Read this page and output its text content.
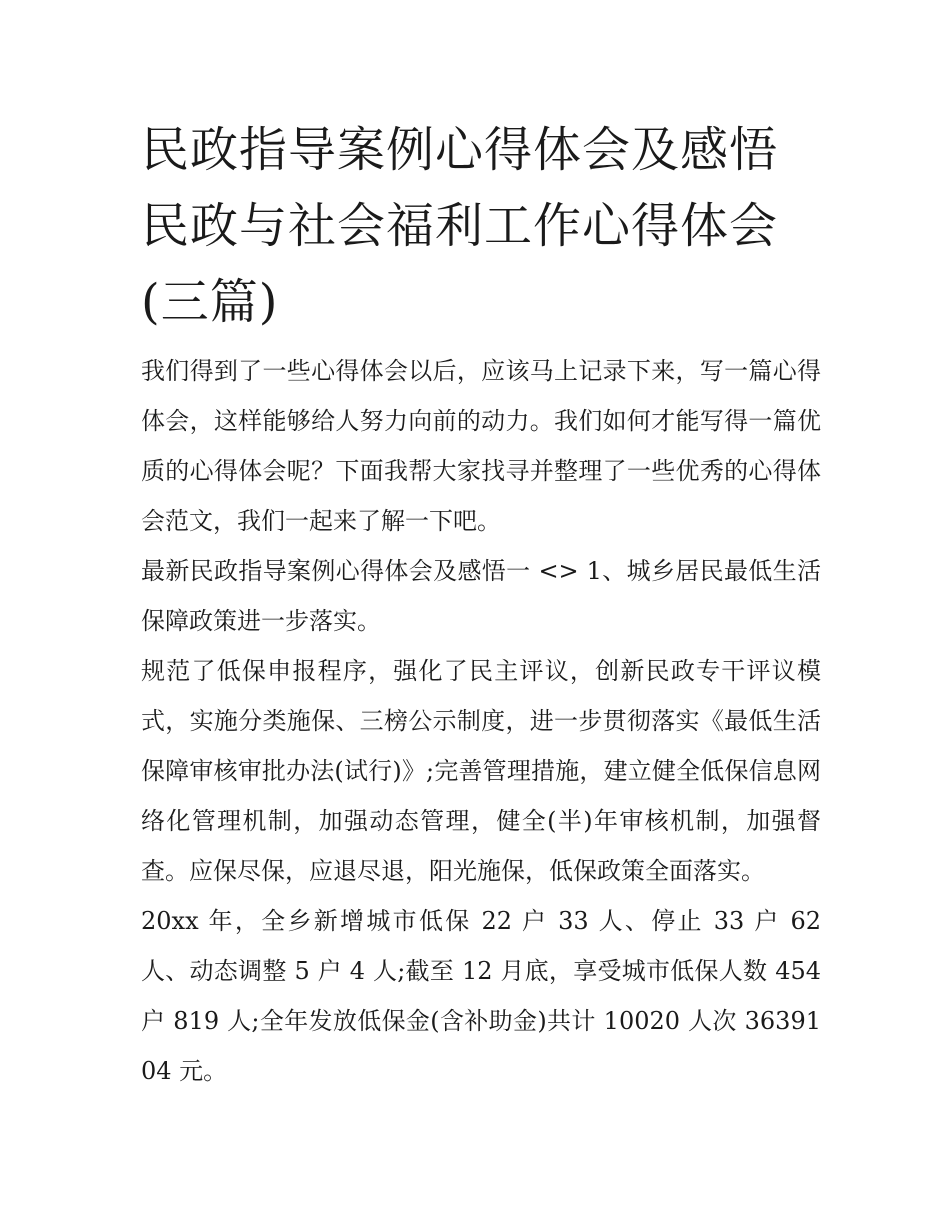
民政指导案例心得体会及感悟
民政与社会福利工作心得体会
(三篇)

我们得到了一些心得体会以后，应该马上记录下来，写一篇心得体会，这样能够给人努力向前的动力。我们如何才能写得一篇优质的心得体会呢？下面我帮大家找寻并整理了一些优秀的心得体会范文，我们一起来了解一下吧。

最新民政指导案例心得体会及感悟一 <> 1、城乡居民最低生活保障政策进一步落实。

规范了低保申报程序，强化了民主评议，创新民政专干评议模式，实施分类施保、三榜公示制度，进一步贯彻落实《最低生活保障审核审批办法(试行)》;完善管理措施，建立健全低保信息网络化管理机制，加强动态管理，健全(半)年审核机制，加强督查。应保尽保，应退尽退，阳光施保，低保政策全面落实。

20xx 年，全乡新增城市低保 22 户 33 人、停止 33 户 62 人、动态调整 5 户 4 人;截至 12 月底，享受城市低保人数 454 户 819 人;全年发放低保金(含补助金)共计 10020 人次 3639104 元。
